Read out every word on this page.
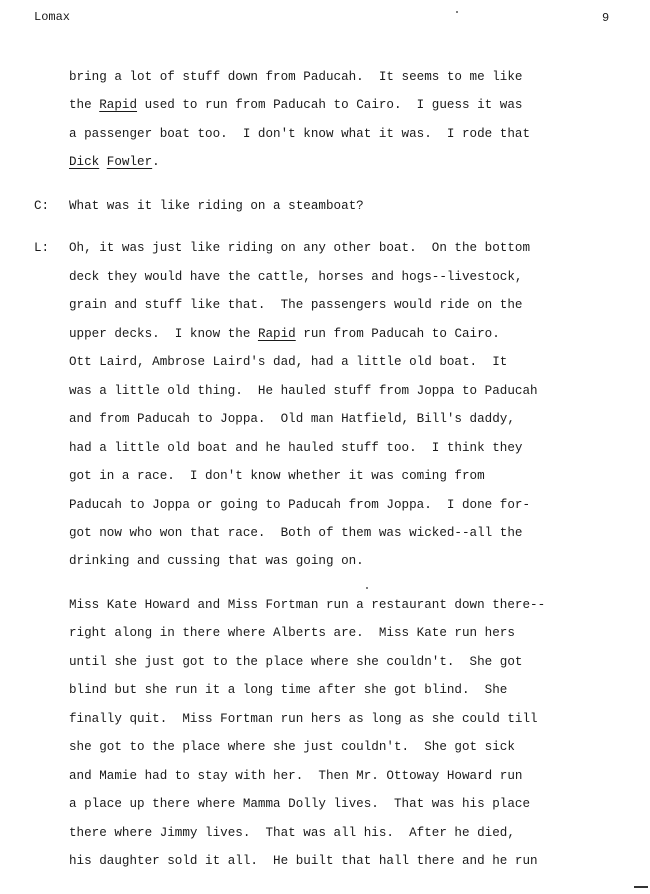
Lomax	9
bring a lot of stuff down from Paducah.  It seems to me like
the Rapid used to run from Paducah to Cairo.  I guess it was
a passenger boat too.  I don't know what it was.  I rode that
Dick Fowler.
C: What was it like riding on a steamboat?
L: Oh, it was just like riding on any other boat.  On the bottom
deck they would have the cattle, horses and hogs--livestock,
grain and stuff like that.  The passengers would ride on the
upper decks.  I know the Rapid run from Paducah to Cairo.
Ott Laird, Ambrose Laird's dad, had a little old boat.  It
was a little old thing.  He hauled stuff from Joppa to Paducah
and from Paducah to Joppa.  Old man Hatfield, Bill's daddy,
had a little old boat and he hauled stuff too.  I think they
got in a race.  I don't know whether it was coming from
Paducah to Joppa or going to Paducah from Joppa.  I done for-
got now who won that race.  Both of them was wicked--all the
drinking and cussing that was going on.
Miss Kate Howard and Miss Fortman run a restaurant down there--
right along in there where Alberts are.  Miss Kate run hers
until she just got to the place where she couldn't.  She got
blind but she run it a long time after she got blind.  She
finally quit.  Miss Fortman run hers as long as she could till
she got to the place where she just couldn't.  She got sick
and Mamie had to stay with her.  Then Mr. Ottoway Howard run
a place up there where Mamma Dolly lives.  That was his place
there where Jimmy lives.  That was all his.  After he died,
his daughter sold it all.  He built that hall there and he run
